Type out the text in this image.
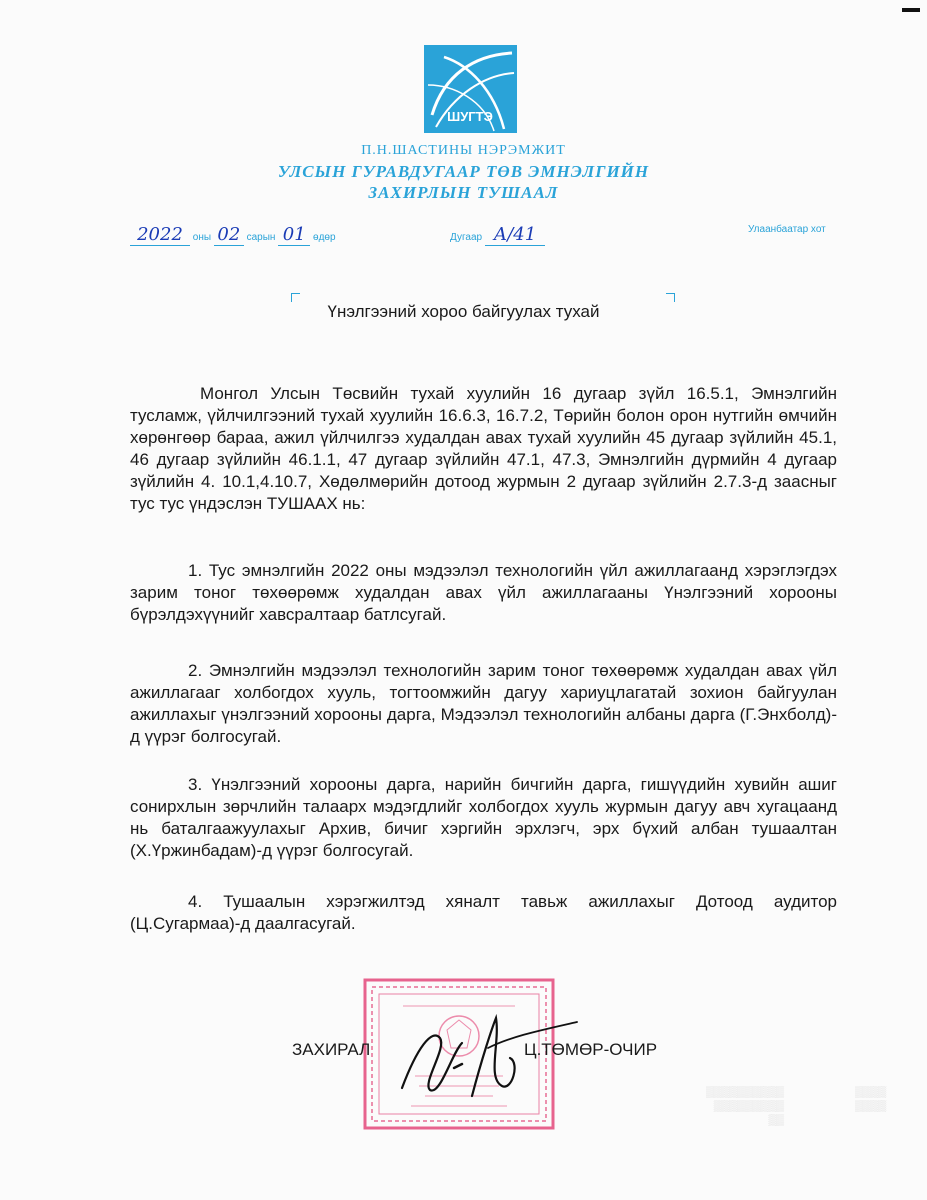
ШУГТЭ
П.Н.ШАСТИНЫ НЭРЭМЖИТ
УЛСЫН ГУРАВДУГААР ТӨВ ЭМНЭЛГИЙН
ЗАХИРЛЫН ТУШААЛ
2022 оны 02 сарын 01 өдөр	Дугаар А/41	Улаанбаатар хот
Үнэлгээний хороо байгуулах тухай
Монгол Улсын Төсвийн тухай хуулийн 16 дугаар зүйл 16.5.1, Эмнэлгийн тусламж, үйлчилгээний тухай хуулийн 16.6.3, 16.7.2, Төрийн болон орон нутгийн өмчийн хөрөнгөөр бараа, ажил үйлчилгээ худалдан авах тухай хуулийн 45 дугаар зүйлийн 45.1, 46 дугаар зүйлийн 46.1.1, 47 дугаар зүйлийн 47.1, 47.3, Эмнэлгийн дүрмийн 4 дугаар зүйлийн 4. 10.1,4.10.7, Хөдөлмөрийн дотоод журмын 2 дугаар зүйлийн 2.7.3-д заасныг тус тус үндэслэн ТУШААХ нь:
1. Тус эмнэлгийн 2022 оны мэдээлэл технологийн үйл ажиллагаанд хэрэглэгдэх зарим тоног төхөөрөмж худалдан авах үйл ажиллагааны Үнэлгээний хорооны бүрэлдэхүүнийг хавсралтаар батлсугай.
2. Эмнэлгийн мэдээлэл технологийн зарим тоног төхөөрөмж худалдан авах үйл ажиллагааг холбогдох хууль, тогтоомжийн дагуу хариуцлагатай зохион байгуулан ажиллахыг үнэлгээний хорооны дарга, Мэдээлэл технологийн албаны дарга (Г.Энхболд)-д үүрэг болгосугай.
3. Үнэлгээний хорооны дарга, нарийн бичгийн дарга, гишүүдийн хувийн ашиг сонирхлын зөрчлийн талаарх мэдэгдлийг холбогдох хууль журмын дагуу авч хугацаанд нь баталгаажуулахыг Архив, бичиг хэргийн эрхлэгч, эрх бүхий албан тушаалтан (Х.Үржинбадам)-д үүрэг болгосугай.
4. Тушаалын хэрэгжилтэд хяналт тавьж ажиллахыг Дотоод аудитор (Ц.Сугармаа)-д даалгасугай.
ЗАХИРАЛ	Ц.ТӨМӨР-ОЧИР
▒▒▒▒▒▒▒▒▒▒
▒▒▒▒▒▒▒▒▒
▒▒
▒▒▒▒
▒▒▒▒
